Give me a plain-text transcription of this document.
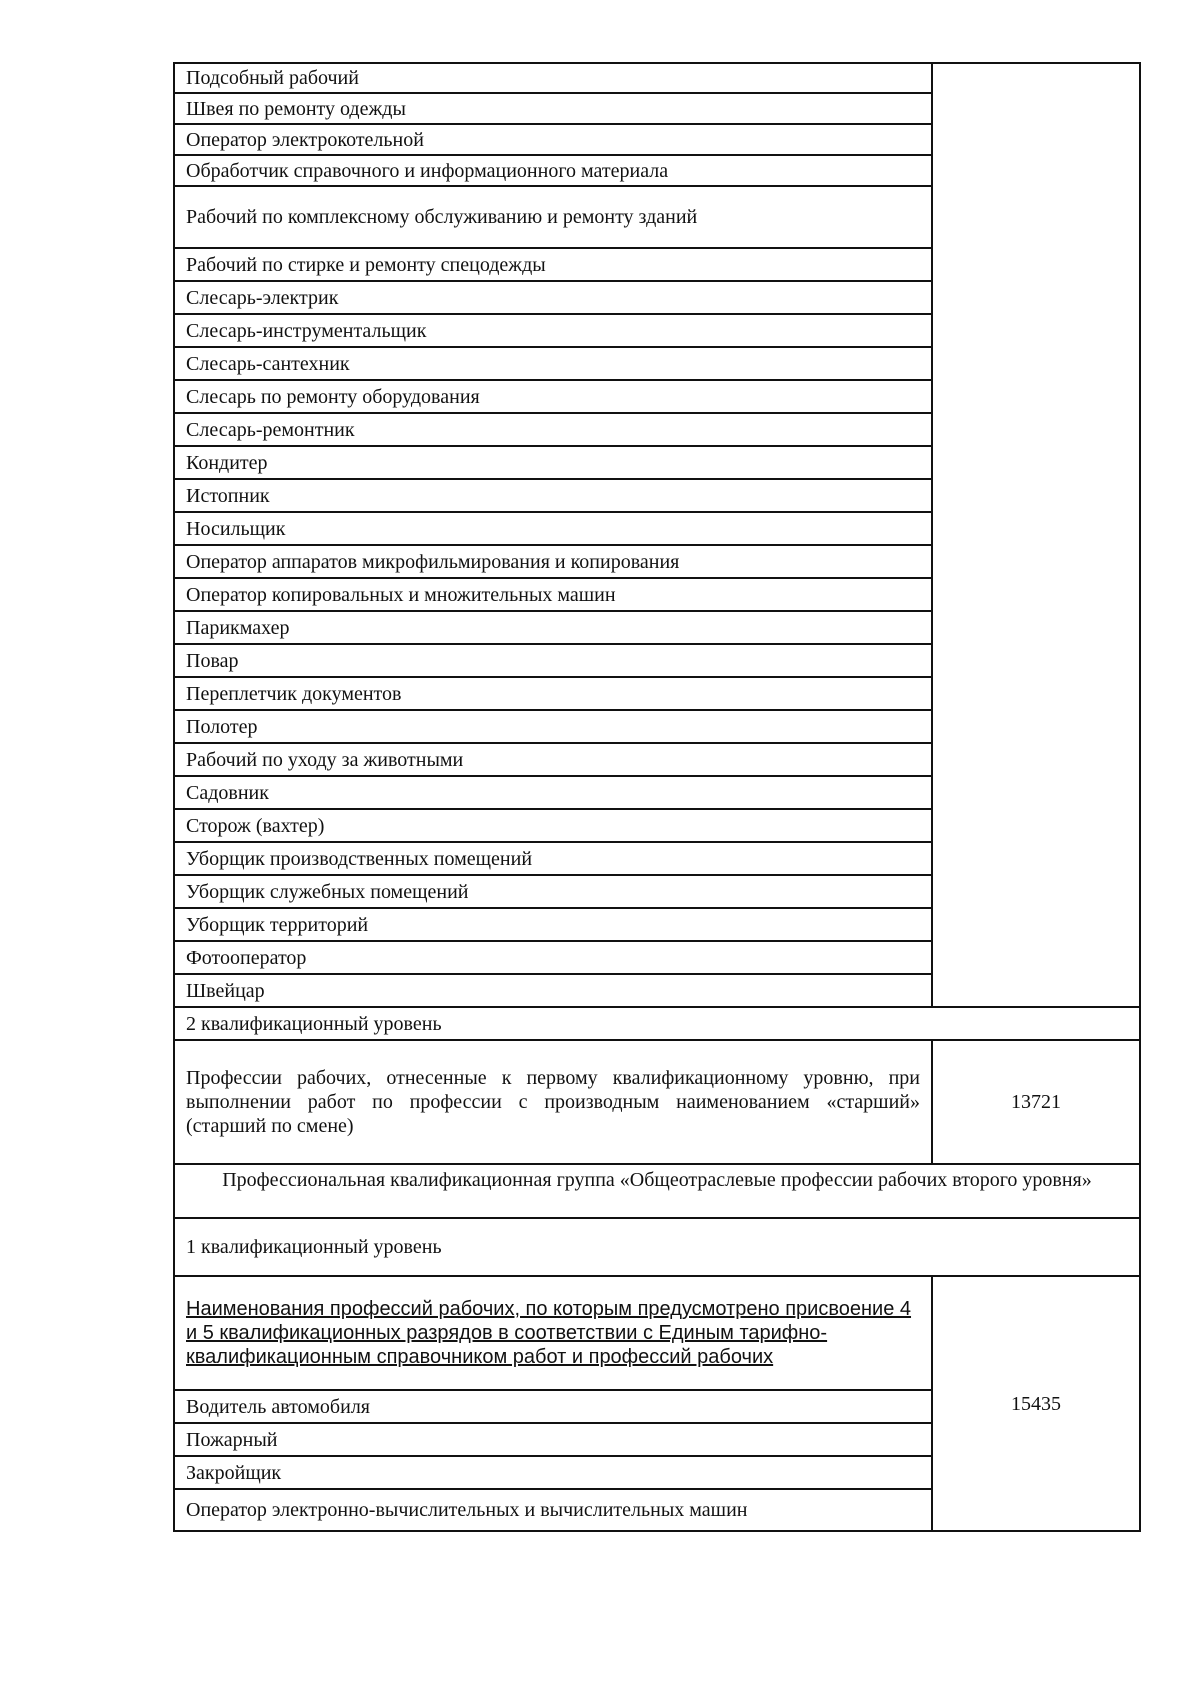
Подсобный рабочий	
Швея по ремонту одежды	
Оператор электрокотельной	
Обработчик справочного и информационного материала	
Рабочий по комплексному обслуживанию и ремонту зданий	
Рабочий по стирке и ремонту спецодежды	
Слесарь-электрик	
Слесарь-инструментальщик	
Слесарь-сантехник	
Слесарь по ремонту оборудования	
Слесарь-ремонтник	
Кондитер	
Истопник	
Носильщик	
Оператор аппаратов микрофильмирования и копирования	
Оператор копировальных и множительных машин	
Парикмахер	
Повар	
Переплетчик документов	
Полотер	
Рабочий по уходу за животными	
Садовник	
Сторож (вахтер)	
Уборщик производственных помещений	
Уборщик служебных помещений	
Уборщик территорий	
Фотооператор	
Швейцар	
2 квалификационный уровень	
Профессии рабочих, отнесенные к первому квалификационному уровню, при выполнении работ по профессии с производным наименованием «старший» (старший по смене)	13721
Профессиональная квалификационная группа «Общеотраслевые профессии рабочих второго уровня»	
1 квалификационный уровень	
Наименования профессий рабочих, по которым предусмотрено присвоение 4 и 5 квалификационных разрядов в соответствии с Единым тарифно-квалификационным справочником работ и профессий рабочих	15435
Водитель автомобиля	
Пожарный	
Закройщик	
Оператор электронно-вычислительных и вычислительных машин	
